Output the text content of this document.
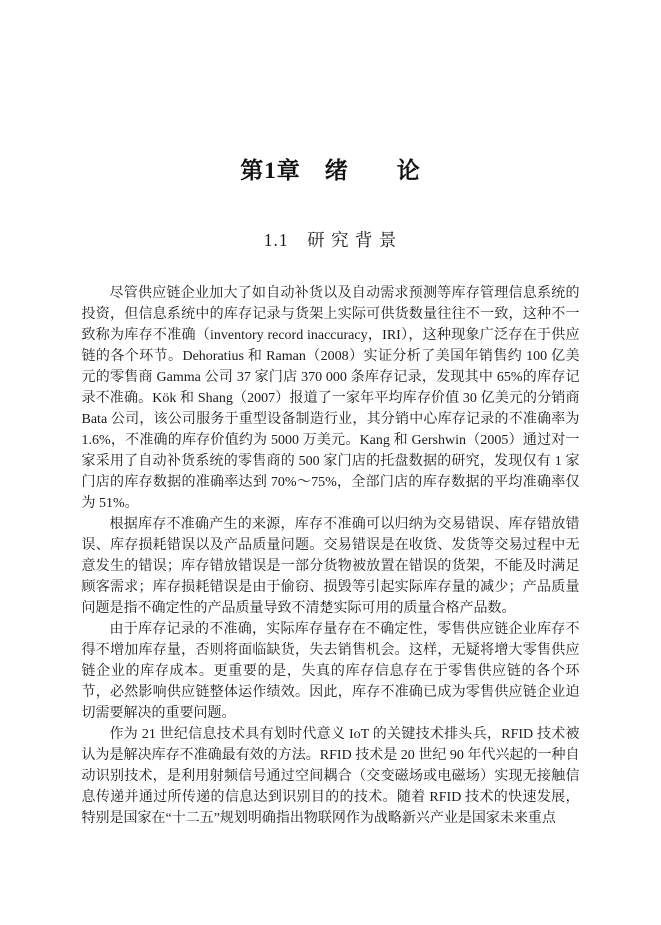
第1章　绪　　论
1.1　研 究 背 景

尽管供应链企业加大了如自动补货以及自动需求预测等库存管理信息系统的投资，但信息系统中的库存记录与货架上实际可供货数量往往不一致，这种不一致称为库存不准确（inventory record inaccuracy，IRI），这种现象广泛存在于供应链的各个环节。Dehoratius 和 Raman（2008）实证分析了美国年销售约 100 亿美元的零售商 Gamma 公司 37 家门店 370 000 条库存记录，发现其中 65%的库存记录不准确。Kök 和 Shang（2007）报道了一家年平均库存价值 30 亿美元的分销商 Bata 公司，该公司服务于重型设备制造行业，其分销中心库存记录的不准确率为 1.6%，不准确的库存价值约为 5000 万美元。Kang 和 Gershwin（2005）通过对一家采用了自动补货系统的零售商的 500 家门店的托盘数据的研究，发现仅有 1 家门店的库存数据的准确率达到 70%～75%，全部门店的库存数据的平均准确率仅为 51%。

根据库存不准确产生的来源，库存不准确可以归纳为交易错误、库存错放错误、库存损耗错误以及产品质量问题。交易错误是在收货、发货等交易过程中无意发生的错误；库存错放错误是一部分货物被放置在错误的货架，不能及时满足顾客需求；库存损耗错误是由于偷窃、损毁等引起实际库存量的减少；产品质量问题是指不确定性的产品质量导致不清楚实际可用的质量合格产品数。

由于库存记录的不准确，实际库存量存在不确定性，零售供应链企业库存不得不增加库存量，否则将面临缺货，失去销售机会。这样，无疑将增大零售供应链企业的库存成本。更重要的是，失真的库存信息存在于零售供应链的各个环节，必然影响供应链整体运作绩效。因此，库存不准确已成为零售供应链企业迫切需要解决的重要问题。

作为 21 世纪信息技术具有划时代意义 IoT 的关键技术排头兵，RFID 技术被认为是解决库存不准确最有效的方法。RFID 技术是 20 世纪 90 年代兴起的一种自动识别技术，是利用射频信号通过空间耦合（交变磁场或电磁场）实现无接触信息传递并通过所传递的信息达到识别目的的技术。随着 RFID 技术的快速发展，特别是国家在“十二五”规划明确指出物联网作为战略新兴产业是国家未来重点
